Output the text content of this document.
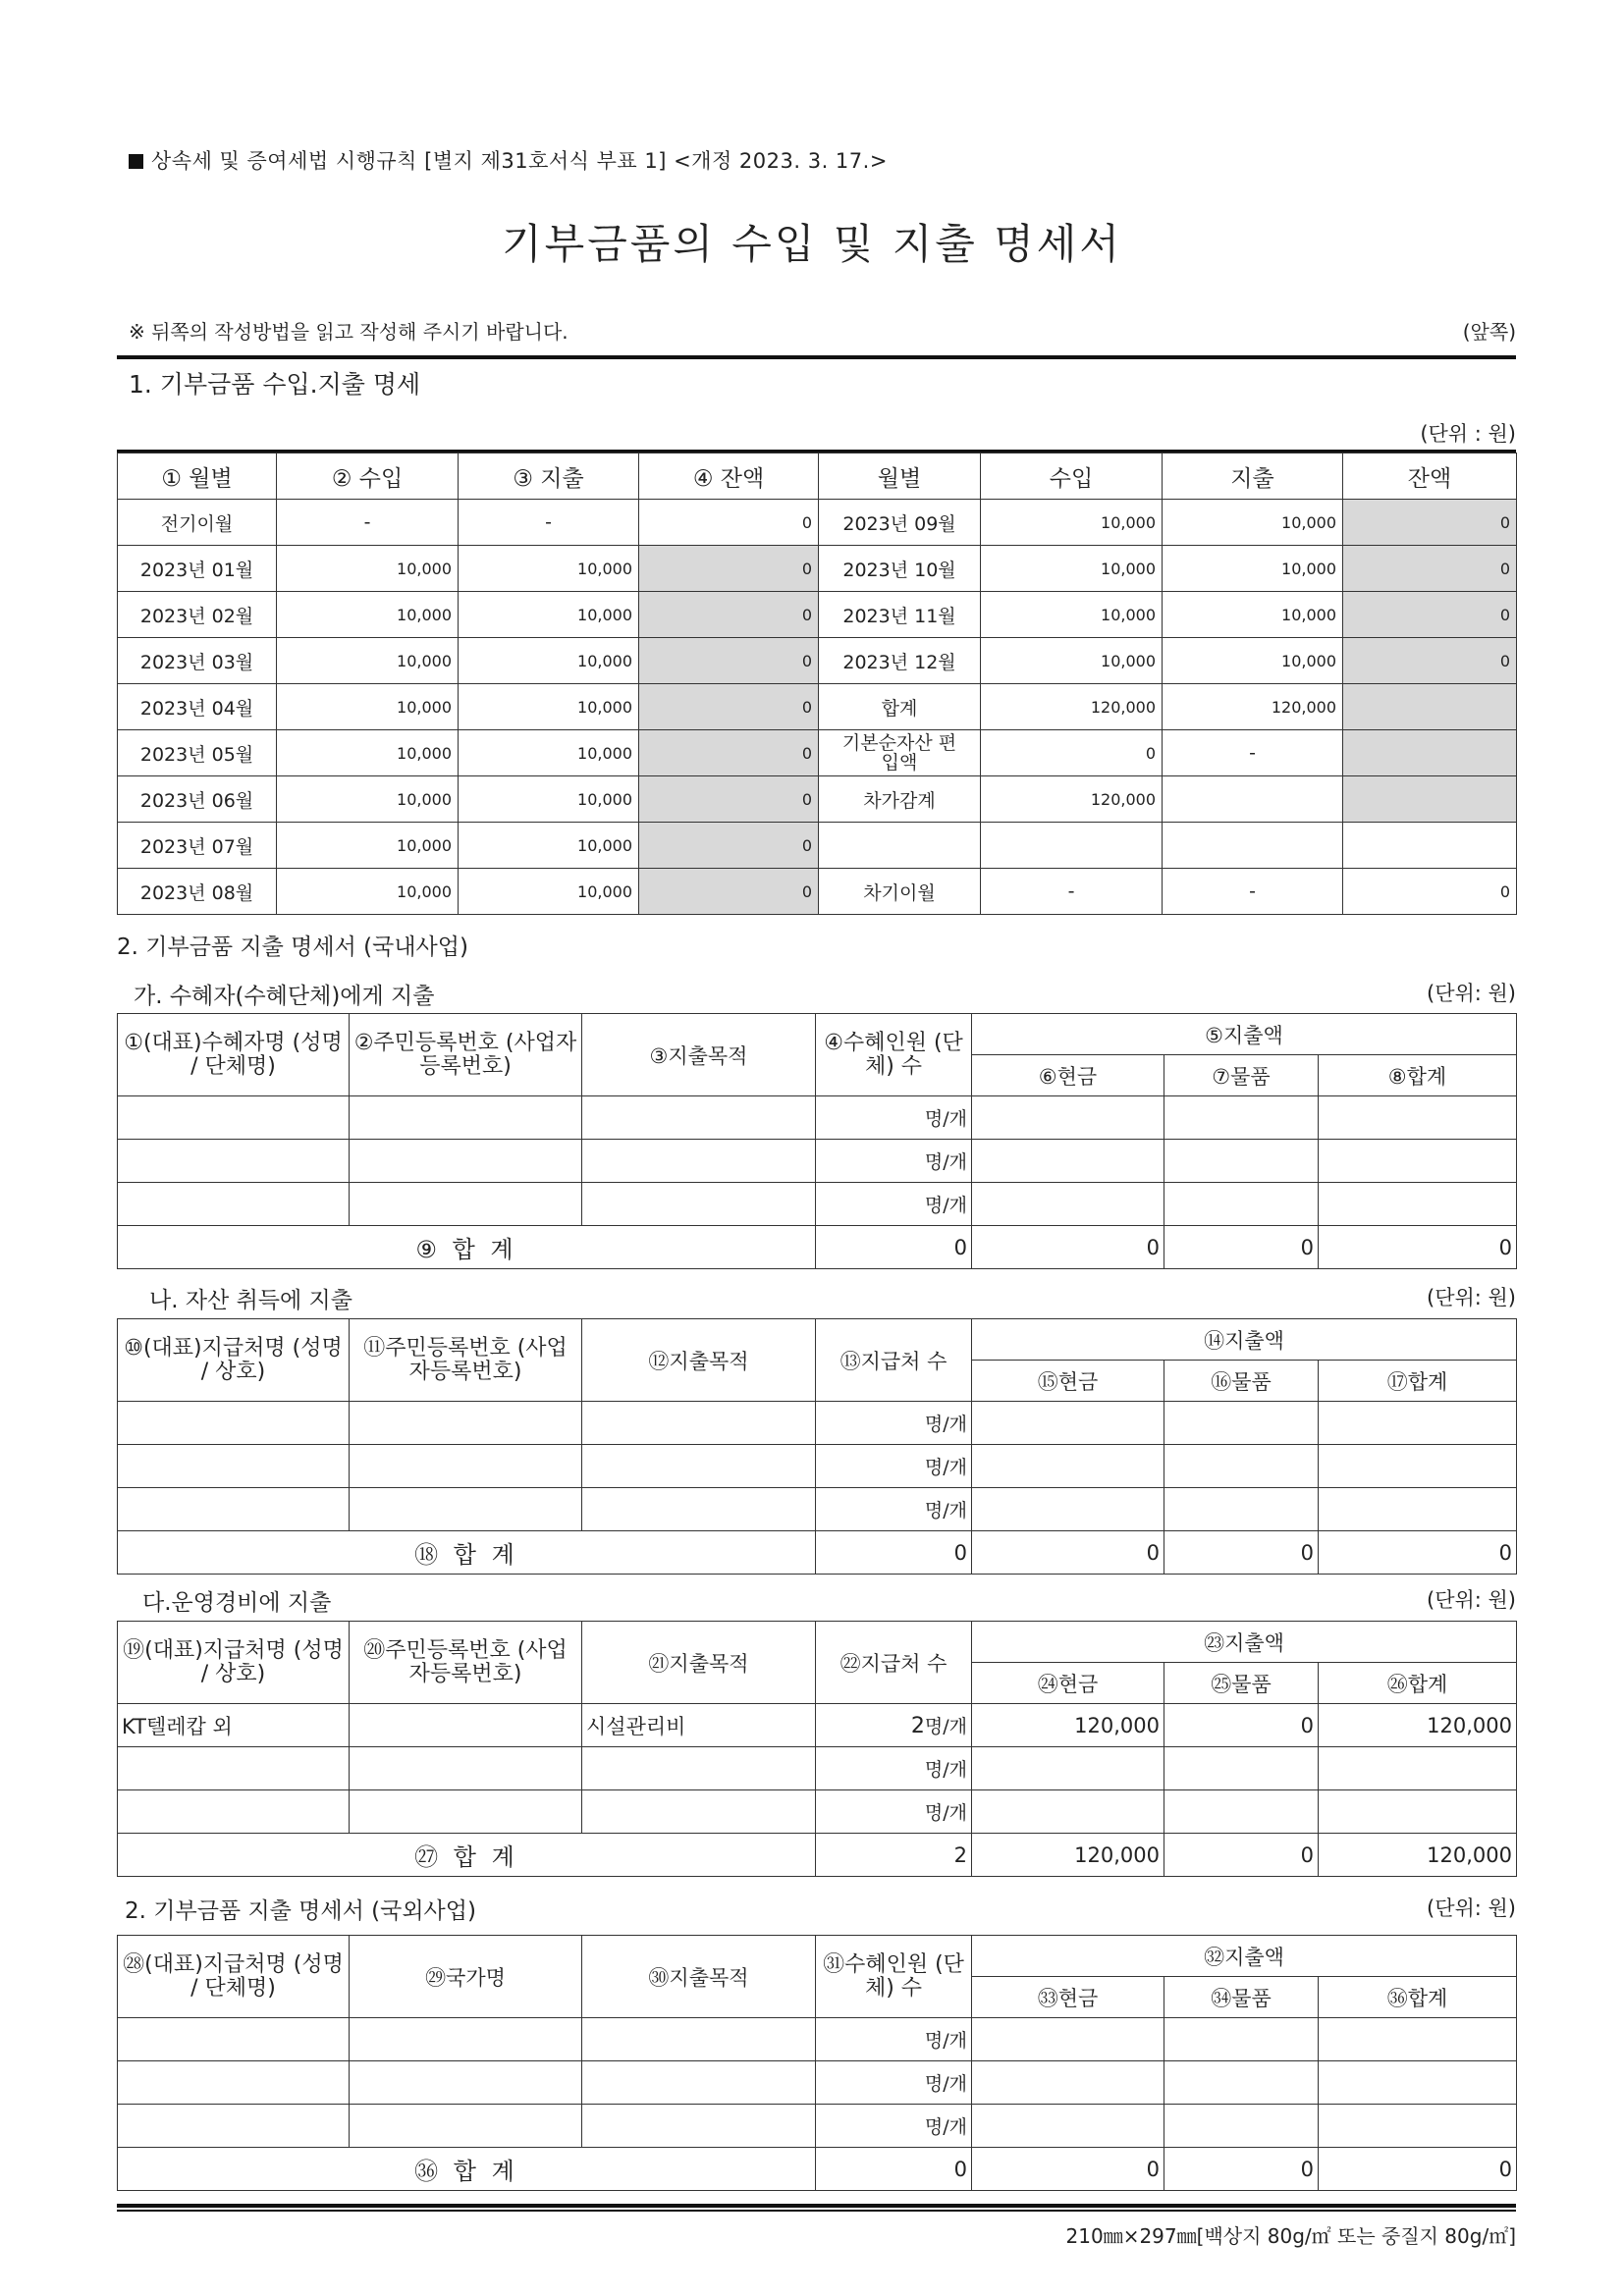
상속세 및 증여세법 시행규칙 [별지 제31호서식 부표 1] <개정 2023. 3. 17.>
기부금품의 수입 및 지출 명세서
※ 뒤쪽의 작성방법을 읽고 작성해 주시기 바랍니다.	(앞쪽)
1. 기부금품 수입.지출 명세
(단위 : 원)
① 월별	② 수입	③ 지출	④ 잔액	월별	수입	지출	잔액
전기이월	-	-	0	2023년 09월	10,000	10,000	0
2023년 01월	10,000	10,000	0	2023년 10월	10,000	10,000	0
2023년 02월	10,000	10,000	0	2023년 11월	10,000	10,000	0
2023년 03월	10,000	10,000	0	2023년 12월	10,000	10,000	0
2023년 04월	10,000	10,000	0	합계	120,000	120,000	
2023년 05월	10,000	10,000	0	기본순자산 편입액	0	-	
2023년 06월	10,000	10,000	0	차가감계	120,000		
2023년 07월	10,000	10,000	0				
2023년 08월	10,000	10,000	0	차기이월	-	-	0
2. 기부금품 지출 명세서 (국내사업)
가. 수혜자(수혜단체)에게 지출	(단위: 원)
①(대표)수혜자명 (성명 / 단체명)	②주민등록번호 (사업자등록번호)	③지출목적	④수혜인원 (단체) 수	⑤지출액		
				⑥현금	⑦물품	⑧합계
			명/개			
			명/개			
			명/개			
⑨ 합 계			0	0	0	0
나. 자산 취득에 지출	(단위: 원)
⑩(대표)지급처명 (성명 / 상호)	⑪주민등록번호 (사업자등록번호)	⑫지출목적	⑬지급처 수	⑭지출액		
				⑮현금	⑯물품	⑰합계
			명/개			
			명/개			
			명/개			
⑱ 합 계			0	0	0	0
다.운영경비에 지출	(단위: 원)
⑲(대표)지급처명 (성명 / 상호)	⑳주민등록번호 (사업자등록번호)	㉑지출목적	㉒지급처 수	㉓지출액		
				㉔현금	㉕물품	㉖합계
KT텔레캅 외		시설관리비	2명/개	120,000	0	120,000
			명/개			
			명/개			
㉗ 합 계			2	120,000	0	120,000
2. 기부금품 지출 명세서 (국외사업)	(단위: 원)
㉘(대표)지급처명 (성명 / 단체명)	㉙국가명	㉚지출목적	㉛수혜인원 (단체) 수	㉜지출액		
				㉝현금	㉞물품	㊱합계
			명/개			
			명/개			
			명/개			
㊱ 합 계			0	0	0	0
210㎜×297㎜[백상지 80g/㎡ 또는 중질지 80g/㎡]
